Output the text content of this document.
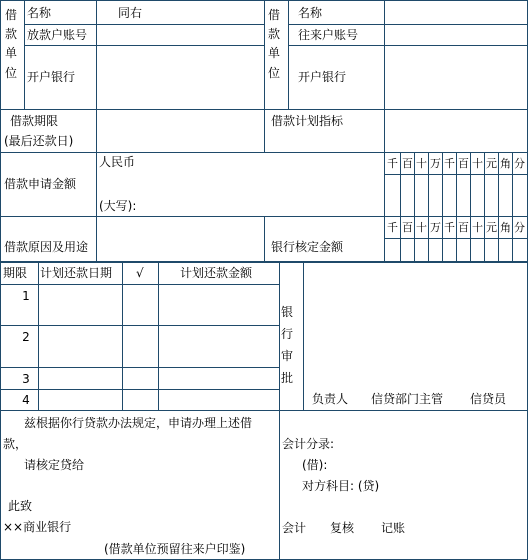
借
款
单
位
名称	同右
放款户账号
开户银行
借
款
单
位
名称
往来户账号
开户银行
借款期限
(最后还款日)
借款计划指标
借款申请金额
人民币
(大写):
千 百 十 万 千 百 十 元 角 分
借款原因及用途	银行核定金额
千 百 十 万 千 百 十 元 角 分
期限 计划还款日期 √	计划还款金额
1
2
3
4
银
行
审
批
负责人 信贷部门主管 信贷员
兹根据你行贷款办法规定，申请办理上述借
款，
请核定贷给
此致
××商业银行
(借款单位预留往来户印鉴)
会计分录:
(借):
对方科目: (贷)
会计 复核 记账
